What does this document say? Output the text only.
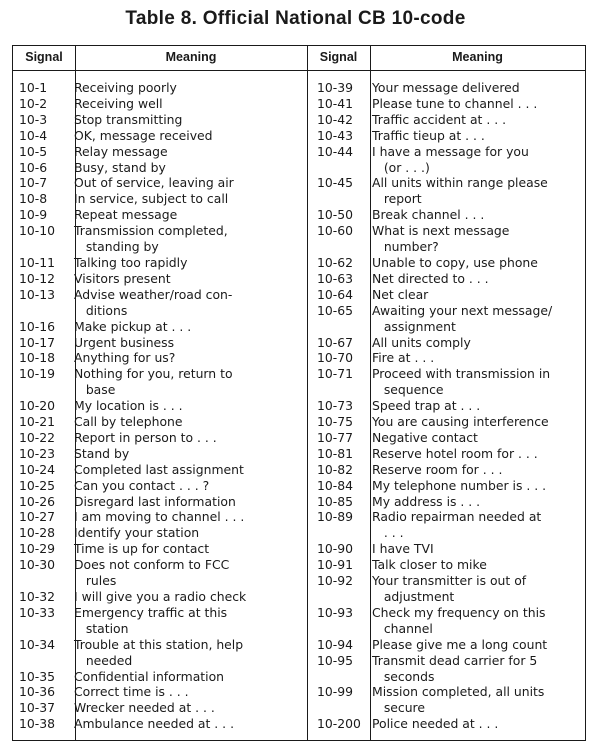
Table 8. Official National CB 10-code
Signal	Meaning	Signal	Meaning
10-1	Receiving poorly
10-2	Receiving well
10-3	Stop transmitting
10-4	OK, message received
10-5	Relay message
10-6	Busy, stand by
10-7	Out of service, leaving air
10-8	In service, subject to call
10-9	Repeat message
10-10	Transmission completed,
standing by
10-11	Talking too rapidly
10-12	Visitors present
10-13	Advise weather/road con-
ditions
10-16	Make pickup at . . .
10-17	Urgent business
10-18	Anything for us?
10-19	Nothing for you, return to
base
10-20	My location is . . .
10-21	Call by telephone
10-22	Report in person to . . .
10-23	Stand by
10-24	Completed last assignment
10-25	Can you contact . . . ?
10-26	Disregard last information
10-27	I am moving to channel . . .
10-28	Identify your station
10-29	Time is up for contact
10-30	Does not conform to FCC
rules
10-32	I will give you a radio check
10-33	Emergency traffic at this
station
10-34	Trouble at this station, help
needed
10-35	Confidential information
10-36	Correct time is . . .
10-37	Wrecker needed at . . .
10-38	Ambulance needed at . . .
10-39	Your message delivered
10-41	Please tune to channel . . .
10-42	Traffic accident at . . .
10-43	Traffic tieup at . . .
10-44	I have a message for you
(or . . .)
10-45	All units within range please
report
10-50	Break channel . . .
10-60	What is next message
number?
10-62	Unable to copy, use phone
10-63	Net directed to . . .
10-64	Net clear
10-65	Awaiting your next message/
assignment
10-67	All units comply
10-70	Fire at . . .
10-71	Proceed with transmission in
sequence
10-73	Speed trap at . . .
10-75	You are causing interference
10-77	Negative contact
10-81	Reserve hotel room for . . .
10-82	Reserve room for . . .
10-84	My telephone number is . . .
10-85	My address is . . .
10-89	Radio repairman needed at
. . .
10-90	I have TVI
10-91	Talk closer to mike
10-92	Your transmitter is out of
adjustment
10-93	Check my frequency on this
channel
10-94	Please give me a long count
10-95	Transmit dead carrier for 5
seconds
10-99	Mission completed, all units
secure
10-200 Police needed at . . .
